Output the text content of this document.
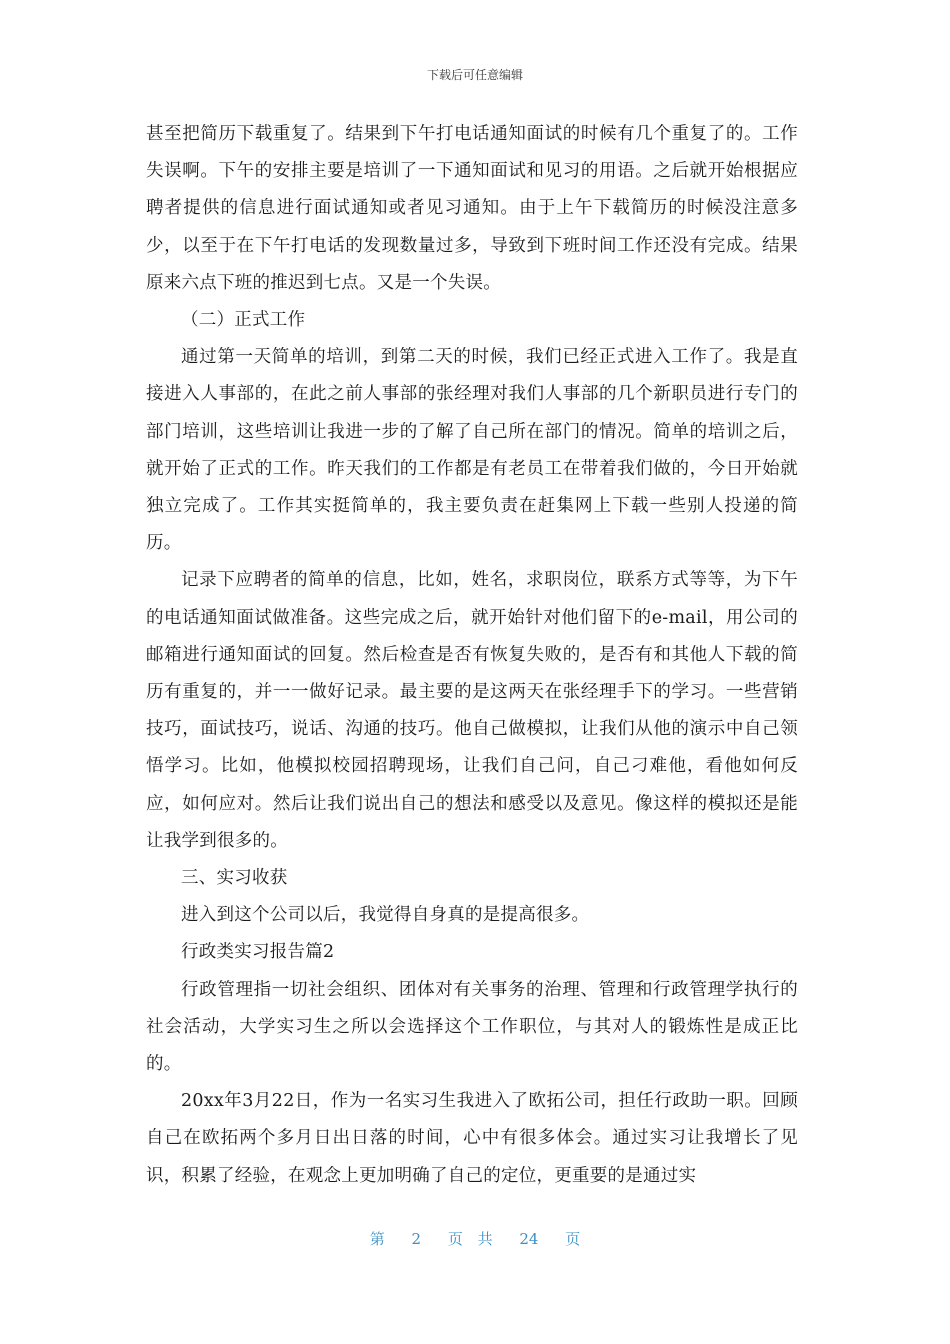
下载后可任意编辑

甚至把简历下载重复了。结果到下午打电话通知面试的时候有几个重复了的。工作失误啊。下午的安排主要是培训了一下通知面试和见习的用语。之后就开始根据应聘者提供的信息进行面试通知或者见习通知。由于上午下载简历的时候没注意多少，以至于在下午打电话的发现数量过多，导致到下班时间工作还没有完成。结果原来六点下班的推迟到七点。又是一个失误。

（二）正式工作

通过第一天简单的培训，到第二天的时候，我们已经正式进入工作了。我是直接进入人事部的，在此之前人事部的张经理对我们人事部的几个新职员进行专门的部门培训，这些培训让我进一步的了解了自己所在部门的情况。简单的培训之后，就开始了正式的工作。昨天我们的工作都是有老员工在带着我们做的，今日开始就独立完成了。工作其实挺简单的，我主要负责在赶集网上下载一些别人投递的简历。

记录下应聘者的简单的信息，比如，姓名，求职岗位，联系方式等等，为下午的电话通知面试做准备。这些完成之后，就开始针对他们留下的e-mail，用公司的邮箱进行通知面试的回复。然后检查是否有恢复失败的，是否有和其他人下载的简历有重复的，并一一做好记录。最主要的是这两天在张经理手下的学习。一些营销技巧，面试技巧，说话、沟通的技巧。他自己做模拟，让我们从他的演示中自己领悟学习。比如，他模拟校园招聘现场，让我们自己问，自己刁难他，看他如何反应，如何应对。然后让我们说出自己的想法和感受以及意见。像这样的模拟还是能让我学到很多的。

三、实习收获

进入到这个公司以后，我觉得自身真的是提高很多。

行政类实习报告篇2

行政管理指一切社会组织、团体对有关事务的治理、管理和行政管理学执行的社会活动，大学实习生之所以会选择这个工作职位，与其对人的锻炼性是成正比的。

20xx年3月22日，作为一名实习生我进入了欧拓公司，担任行政助一职。回顾自己在欧拓两个多月日出日落的时间，心中有很多体会。通过实习让我增长了见识，积累了经验，在观念上更加明确了自己的定位，更重要的是通过实

第 2 页 共 24 页
